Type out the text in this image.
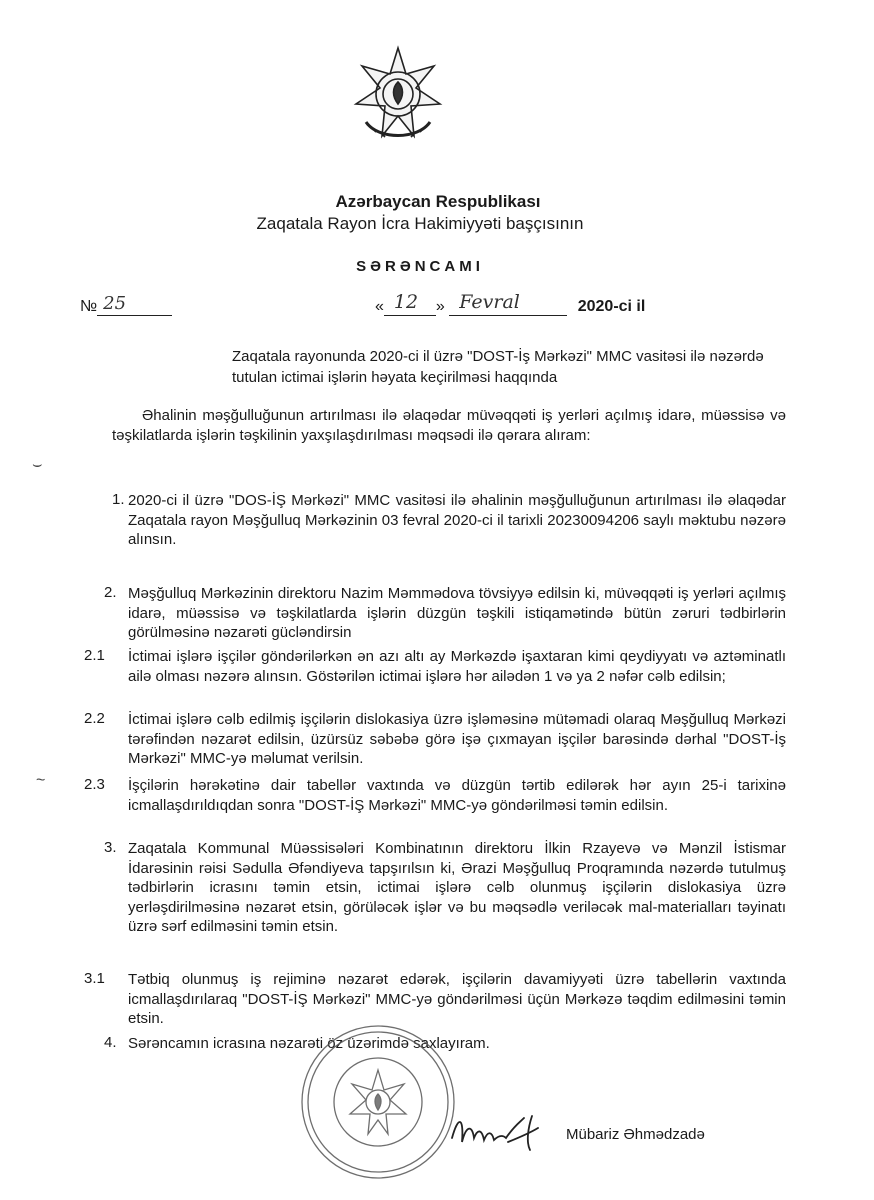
Azərbaycan Respublikası
Zaqatala Rayon İcra Hakimiyyəti başçısının
SƏRƏNCAMI
№ 25	« 12 » Fevral	2020-ci il
Zaqatala rayonunda 2020-ci il üzrə "DOST-İş Mərkəzi" MMC vasitəsi ilə nəzərdə tutulan ictimai işlərin həyata keçirilməsi haqqında
Əhalinin məşğulluğunun artırılması ilə əlaqədar müvəqqəti iş yerləri açılmış idarə, müəssisə və təşkilatlarda işlərin təşkilinin yaxşılaşdırılması məqsədi ilə qərara alıram:
⌣
~
1. 2020-ci il üzrə "DOS-İŞ Mərkəzi" MMC vasitəsi ilə əhalinin məşğulluğunun artırılması ilə əlaqədar Zaqatala rayon Məşğulluq Mərkəzinin 03 fevral 2020-ci il tarixli 20230094206 saylı məktubu nəzərə alınsın.
2. Məşğulluq Mərkəzinin direktoru Nazim Məmmədova tövsiyyə edilsin ki, müvəqqəti iş yerləri açılmış idarə, müəssisə və təşkilatlarda işlərin düzgün təşkili istiqamətində bütün zəruri tədbirlərin görülməsinə nəzarəti gücləndirsin
2.1 İctimai işlərə işçilər göndərilərkən ən azı altı ay Mərkəzdə işaxtaran kimi qeydiyyatı və aztəminatlı ailə olması nəzərə alınsın. Göstərilən ictimai işlərə hər ailədən 1 və ya 2 nəfər cəlb edilsin;
2.2 İctimai işlərə cəlb edilmiş işçilərin dislokasiya üzrə işləməsinə mütəmadi olaraq Məşğulluq Mərkəzi tərəfindən nəzarət edilsin, üzürsüz səbəbə görə işə çıxmayan işçilər barəsində dərhal "DOST-İş Mərkəzi" MMC-yə məlumat verilsin.
2.3 İşçilərin hərəkətinə dair tabellər vaxtında və düzgün tərtib edilərək hər ayın 25-i tarixinə icmallaşdırıldıqdan sonra "DOST-İŞ Mərkəzi" MMC-yə göndərilməsi təmin edilsin.
3. Zaqatala Kommunal Müəssisələri Kombinatının direktoru İlkin Rzayevə və Mənzil İstismar İdarəsinin rəisi Sədulla Əfəndiyeva tapşırılsın ki, Ərazi Məşğulluq Proqramında nəzərdə tutulmuş tədbirlərin icrasını təmin etsin, ictimai işlərə cəlb olunmuş işçilərin dislokasiya üzrə yerləşdirilməsinə nəzarət etsin, görüləcək işlər və bu məqsədlə veriləcək mal-materialları təyinatı üzrə sərf edilməsini təmin etsin.
3.1 Tətbiq olunmuş iş rejiminə nəzarət edərək, işçilərin davamiyyəti üzrə tabellərin vaxtında icmallaşdırılaraq "DOST-İŞ Mərkəzi" MMC-yə göndərilməsi üçün Mərkəzə təqdim edilməsini təmin etsin.
4. Sərəncamın icrasına nəzarəti öz üzərimdə saxlayıram.
Mübariz Əhmədzadə
